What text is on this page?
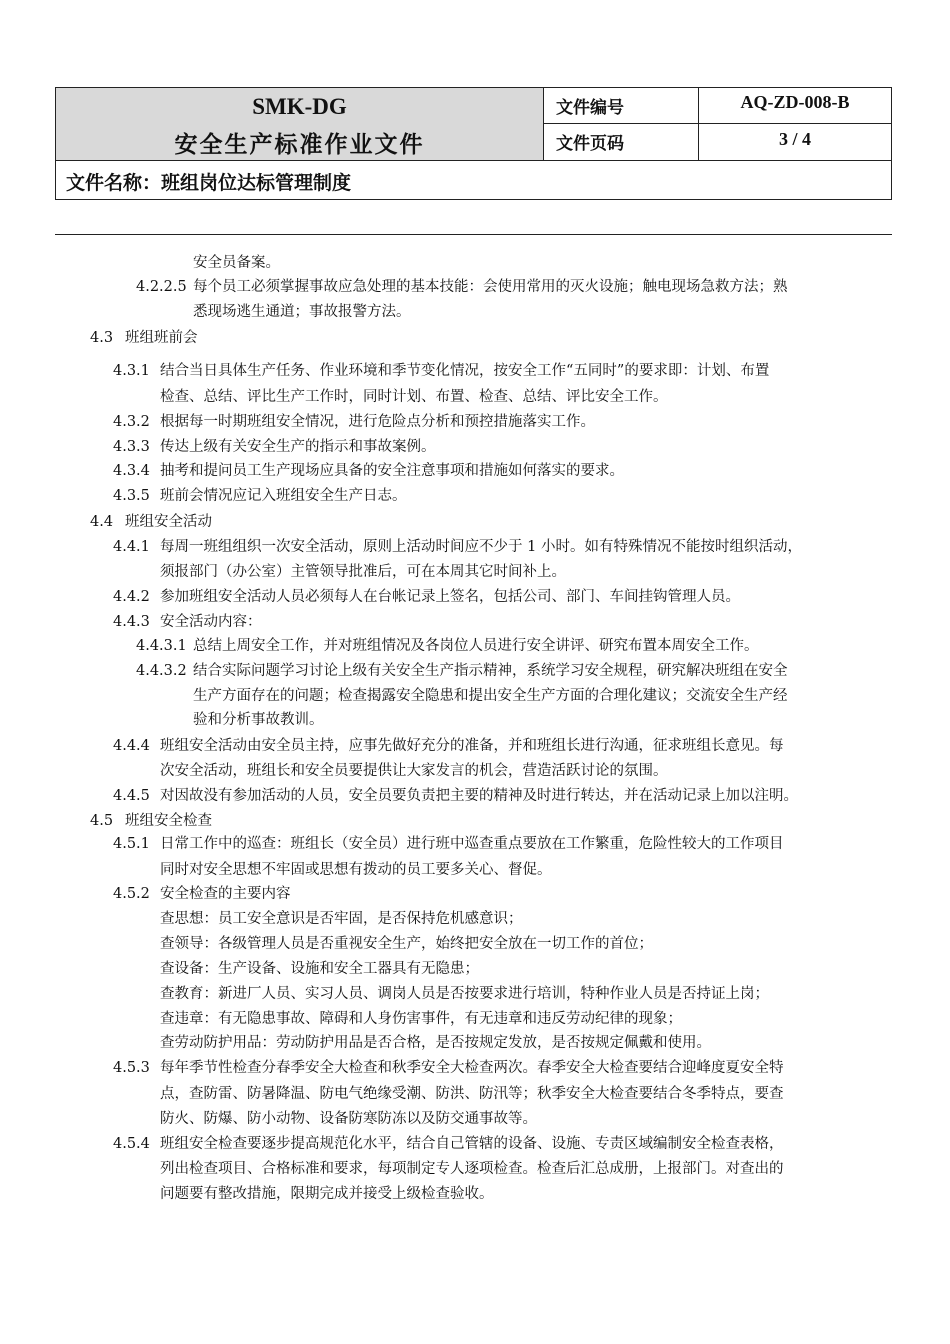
SMK-DG
安全生产标准作业文件
文件编号	AQ-ZD-008-B
文件页码	3 / 4
文件名称：班组岗位达标管理制度
安全员备案。
4.2.2.5 每个员工必须掌握事故应急处理的基本技能：会使用常用的灭火设施；触电现场急救方法；熟
悉现场逃生通道；事故报警方法。
4.3 班组班前会
4.3.1 结合当日具体生产任务、作业环境和季节变化情况，按安全工作“五同时”的要求即：计划、布置
检查、总结、评比生产工作时，同时计划、布置、检查、总结、评比安全工作。
4.3.2 根据每一时期班组安全情况，进行危险点分析和预控措施落实工作。
4.3.3 传达上级有关安全生产的指示和事故案例。
4.3.4 抽考和提问员工生产现场应具备的安全注意事项和措施如何落实的要求。
4.3.5 班前会情况应记入班组安全生产日志。
4.4 班组安全活动
4.4.1 每周一班组组织一次安全活动，原则上活动时间应不少于 1 小时。如有特殊情况不能按时组织活动，
须报部门（办公室）主管领导批准后，可在本周其它时间补上。
4.4.2 参加班组安全活动人员必须每人在台帐记录上签名，包括公司、部门、车间挂钩管理人员。
4.4.3 安全活动内容：
4.4.3.1 总结上周安全工作，并对班组情况及各岗位人员进行安全讲评、研究布置本周安全工作。
4.4.3.2 结合实际问题学习讨论上级有关安全生产指示精神，系统学习安全规程，研究解决班组在安全
生产方面存在的问题；检查揭露安全隐患和提出安全生产方面的合理化建议；交流安全生产经
验和分析事故教训。
4.4.4 班组安全活动由安全员主持，应事先做好充分的准备，并和班组长进行沟通，征求班组长意见。每
次安全活动，班组长和安全员要提供让大家发言的机会，营造活跃讨论的氛围。
4.4.5 对因故没有参加活动的人员，安全员要负责把主要的精神及时进行转达，并在活动记录上加以注明。
4.5 班组安全检查
4.5.1 日常工作中的巡查：班组长（安全员）进行班中巡查重点要放在工作繁重，危险性较大的工作项目
同时对安全思想不牢固或思想有拨动的员工要多关心、督促。
4.5.2 安全检查的主要内容
查思想：员工安全意识是否牢固，是否保持危机感意识；
查领导：各级管理人员是否重视安全生产，始终把安全放在一切工作的首位；
查设备：生产设备、设施和安全工器具有无隐患；
查教育：新进厂人员、实习人员、调岗人员是否按要求进行培训，特种作业人员是否持证上岗；
查违章：有无隐患事故、障碍和人身伤害事件，有无违章和违反劳动纪律的现象；
查劳动防护用品：劳动防护用品是否合格，是否按规定发放，是否按规定佩戴和使用。
4.5.3 每年季节性检查分春季安全大检查和秋季安全大检查两次。春季安全大检查要结合迎峰度夏安全特
点，查防雷、防暑降温、防电气绝缘受潮、防洪、防汛等；秋季安全大检查要结合冬季特点，要查
防火、防爆、防小动物、设备防寒防冻以及防交通事故等。
4.5.4 班组安全检查要逐步提高规范化水平，结合自己管辖的设备、设施、专责区域编制安全检查表格，
列出检查项目、合格标准和要求，每项制定专人逐项检查。检查后汇总成册，上报部门。对查出的
问题要有整改措施，限期完成并接受上级检查验收。
